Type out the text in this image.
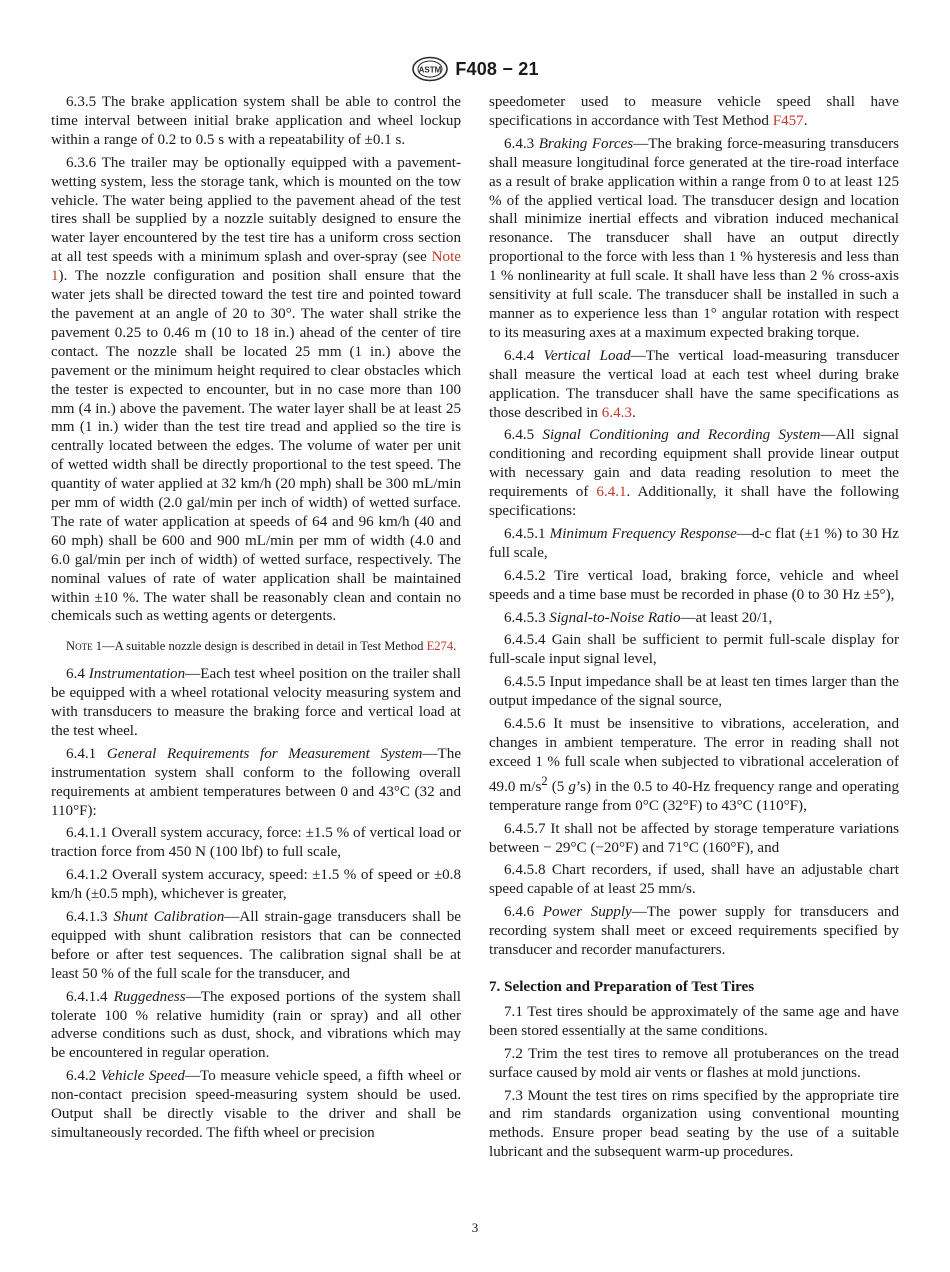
ASTM F408 − 21

6.3.5 The brake application system shall be able to control the time interval between initial brake application and wheel lockup within a range of 0.2 to 0.5 s with a repeatability of ±0.1 s.

6.3.6 The trailer may be optionally equipped with a pavement-wetting system, less the storage tank, which is mounted on the tow vehicle. The water being applied to the pavement ahead of the test tires shall be supplied by a nozzle suitably designed to ensure the water layer encountered by the test tire has a uniform cross section at all test speeds with a minimum splash and over-spray (see Note 1). The nozzle configuration and position shall ensure that the water jets shall be directed toward the test tire and pointed toward the pavement at an angle of 20 to 30°. The water shall strike the pavement 0.25 to 0.46 m (10 to 18 in.) ahead of the center of tire contact. The nozzle shall be located 25 mm (1 in.) above the pavement or the minimum height required to clear obstacles which the tester is expected to encounter, but in no case more than 100 mm (4 in.) above the pavement. The water layer shall be at least 25 mm (1 in.) wider than the test tire tread and applied so the tire is centrally located between the edges. The volume of water per unit of wetted width shall be directly proportional to the test speed. The quantity of water applied at 32 km/h (20 mph) shall be 300 mL/min per mm of width (2.0 gal/min per inch of width) of wetted surface. The rate of water application at speeds of 64 and 96 km/h (40 and 60 mph) shall be 600 and 900 mL/min per mm of width (4.0 and 6.0 gal/min per inch of width) of wetted surface, respectively. The nominal values of rate of water application shall be maintained within ±10 %. The water shall be reasonably clean and contain no chemicals such as wetting agents or detergents.

Note 1—A suitable nozzle design is described in detail in Test Method E274.

6.4 Instrumentation—Each test wheel position on the trailer shall be equipped with a wheel rotational velocity measuring system and with transducers to measure the braking force and vertical load at the test wheel.

6.4.1 General Requirements for Measurement System—The instrumentation system shall conform to the following overall requirements at ambient temperatures between 0 and 43°C (32 and 110°F):

6.4.1.1 Overall system accuracy, force: ±1.5 % of vertical load or traction force from 450 N (100 lbf) to full scale,

6.4.1.2 Overall system accuracy, speed: ±1.5 % of speed or ±0.8 km/h (±0.5 mph), whichever is greater,

6.4.1.3 Shunt Calibration—All strain-gage transducers shall be equipped with shunt calibration resistors that can be connected before or after test sequences. The calibration signal shall be at least 50 % of the full scale for the transducer, and

6.4.1.4 Ruggedness—The exposed portions of the system shall tolerate 100 % relative humidity (rain or spray) and all other adverse conditions such as dust, shock, and vibrations which may be encountered in regular operation.

6.4.2 Vehicle Speed—To measure vehicle speed, a fifth wheel or non-contact precision speed-measuring system should be used. Output shall be directly visable to the driver and shall be simultaneously recorded. The fifth wheel or precision

speedometer used to measure vehicle speed shall have specifications in accordance with Test Method F457.

6.4.3 Braking Forces—The braking force-measuring transducers shall measure longitudinal force generated at the tire-road interface as a result of brake application within a range from 0 to at least 125 % of the applied vertical load. The transducer design and location shall minimize inertial effects and vibration induced mechanical resonance. The transducer shall have an output directly proportional to the force with less than 1 % hysteresis and less than 1 % nonlinearity at full scale. It shall have less than 2 % cross-axis sensitivity at full scale. The transducer shall be installed in such a manner as to experience less than 1° angular rotation with respect to its measuring axes at a maximum expected braking torque.

6.4.4 Vertical Load—The vertical load-measuring transducer shall measure the vertical load at each test wheel during brake application. The transducer shall have the same specifications as those described in 6.4.3.

6.4.5 Signal Conditioning and Recording System—All signal conditioning and recording equipment shall provide linear output with necessary gain and data reading resolution to meet the requirements of 6.4.1. Additionally, it shall have the following specifications:

6.4.5.1 Minimum Frequency Response—d-c flat (±1 %) to 30 Hz full scale,

6.4.5.2 Tire vertical load, braking force, vehicle and wheel speeds and a time base must be recorded in phase (0 to 30 Hz ±5°),

6.4.5.3 Signal-to-Noise Ratio—at least 20/1,

6.4.5.4 Gain shall be sufficient to permit full-scale display for full-scale input signal level,

6.4.5.5 Input impedance shall be at least ten times larger than the output impedance of the signal source,

6.4.5.6 It must be insensitive to vibrations, acceleration, and changes in ambient temperature. The error in reading shall not exceed 1 % full scale when subjected to vibrational acceleration of 49.0 $m/s^2$ (5 g’s) in the 0.5 to 40-Hz frequency range and operating temperature range from 0°C (32°F) to 43°C (110°F),

6.4.5.7 It shall not be affected by storage temperature variations between − 29°C (−20°F) and 71°C (160°F), and

6.4.5.8 Chart recorders, if used, shall have an adjustable chart speed capable of at least 25 mm/s.

6.4.6 Power Supply—The power supply for transducers and recording system shall meet or exceed requirements specified by transducer and recorder manufacturers.

7. Selection and Preparation of Test Tires

7.1 Test tires should be approximately of the same age and have been stored essentially at the same conditions.

7.2 Trim the test tires to remove all protuberances on the tread surface caused by mold air vents or flashes at mold junctions.

7.3 Mount the test tires on rims specified by the appropriate tire and rim standards organization using conventional mounting methods. Ensure proper bead seating by the use of a suitable lubricant and the subsequent warm-up procedures.

3
